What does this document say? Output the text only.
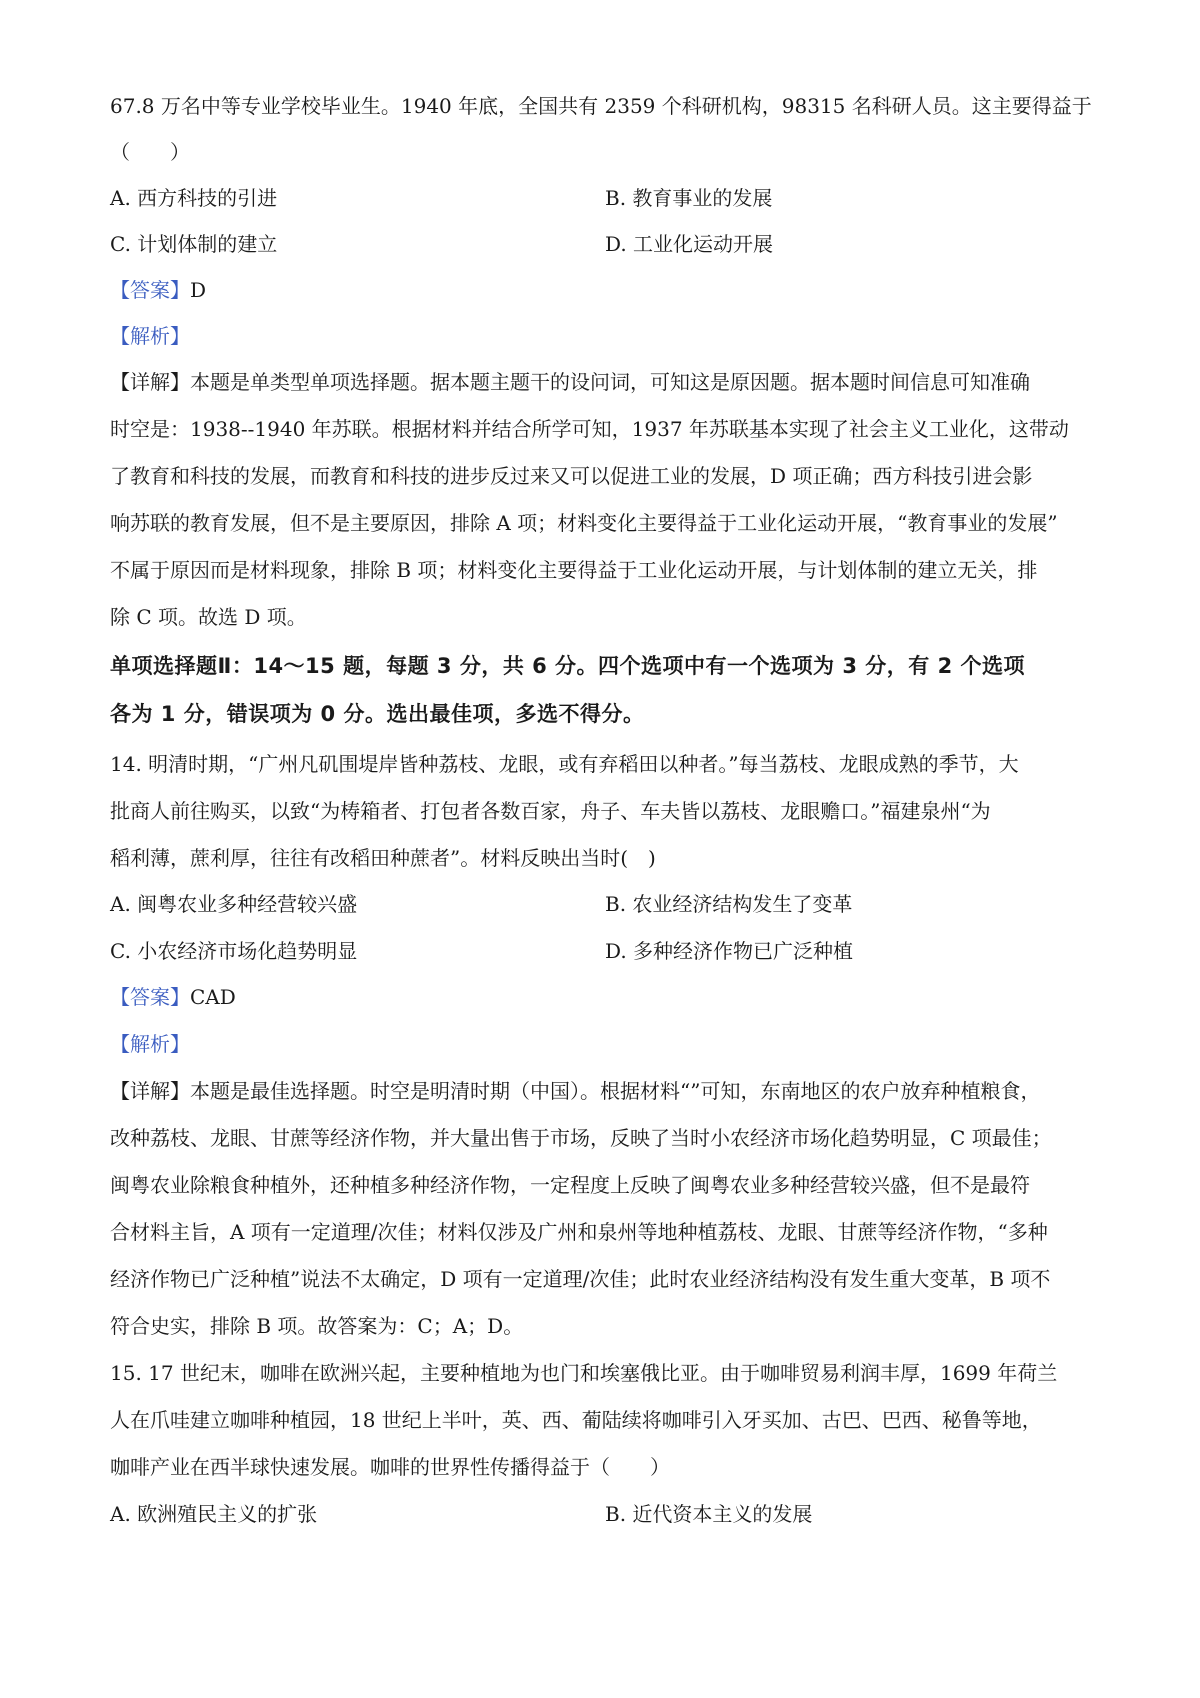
67.8 万名中等专业学校毕业生。1940 年底，全国共有 2359 个科研机构，98315 名科研人员。这主要得益于
（　　）
A. 西方科技的引进	B. 教育事业的发展
C. 计划体制的建立	D. 工业化运动开展
【答案】D
【解析】
【详解】本题是单类型单项选择题。据本题主题干的设问词，可知这是原因题。据本题时间信息可知准确
时空是：1938--1940 年苏联。根据材料并结合所学可知，1937 年苏联基本实现了社会主义工业化，这带动
了教育和科技的发展，而教育和科技的进步反过来又可以促进工业的发展，D 项正确；西方科技引进会影
响苏联的教育发展，但不是主要原因，排除 A 项；材料变化主要得益于工业化运动开展，“教育事业的发展”
不属于原因而是材料现象，排除 B 项；材料变化主要得益于工业化运动开展，与计划体制的建立无关，排
除 C 项。故选 D 项。
单项选择题Ⅱ：14～15 题，每题 3 分，共 6 分。四个选项中有一个选项为 3 分，有 2 个选项
各为 1 分，错误项为 0 分。选出最佳项，多选不得分。
14. 明清时期，“广州凡矶围堤岸皆种荔枝、龙眼，或有弃稻田以种者。”每当荔枝、龙眼成熟的季节，大
批商人前往购买，以致“为梼箱者、打包者各数百家，舟子、车夫皆以荔枝、龙眼赡口。”福建泉州“为
稻利薄，蔗利厚，往往有改稻田种蔗者”。材料反映出当时(　)
A. 闽粤农业多种经营较兴盛	B. 农业经济结构发生了变革
C. 小农经济市场化趋势明显	D. 多种经济作物已广泛种植
【答案】CAD
【解析】
【详解】本题是最佳选择题。时空是明清时期（中国）。根据材料“”可知，东南地区的农户放弃种植粮食，
改种荔枝、龙眼、甘蔗等经济作物，并大量出售于市场，反映了当时小农经济市场化趋势明显，C 项最佳；
闽粤农业除粮食种植外，还种植多种经济作物，一定程度上反映了闽粤农业多种经营较兴盛，但不是最符
合材料主旨，A 项有一定道理/次佳；材料仅涉及广州和泉州等地种植荔枝、龙眼、甘蔗等经济作物，“多种
经济作物已广泛种植”说法不太确定，D 项有一定道理/次佳；此时农业经济结构没有发生重大变革，B 项不
符合史实，排除 B 项。故答案为：C；A；D。
15. 17 世纪末，咖啡在欧洲兴起，主要种植地为也门和埃塞俄比亚。由于咖啡贸易利润丰厚，1699 年荷兰
人在爪哇建立咖啡种植园，18 世纪上半叶，英、西、葡陆续将咖啡引入牙买加、古巴、巴西、秘鲁等地，
咖啡产业在西半球快速发展。咖啡的世界性传播得益于（　　）
A. 欧洲殖民主义的扩张	B. 近代资本主义的发展
